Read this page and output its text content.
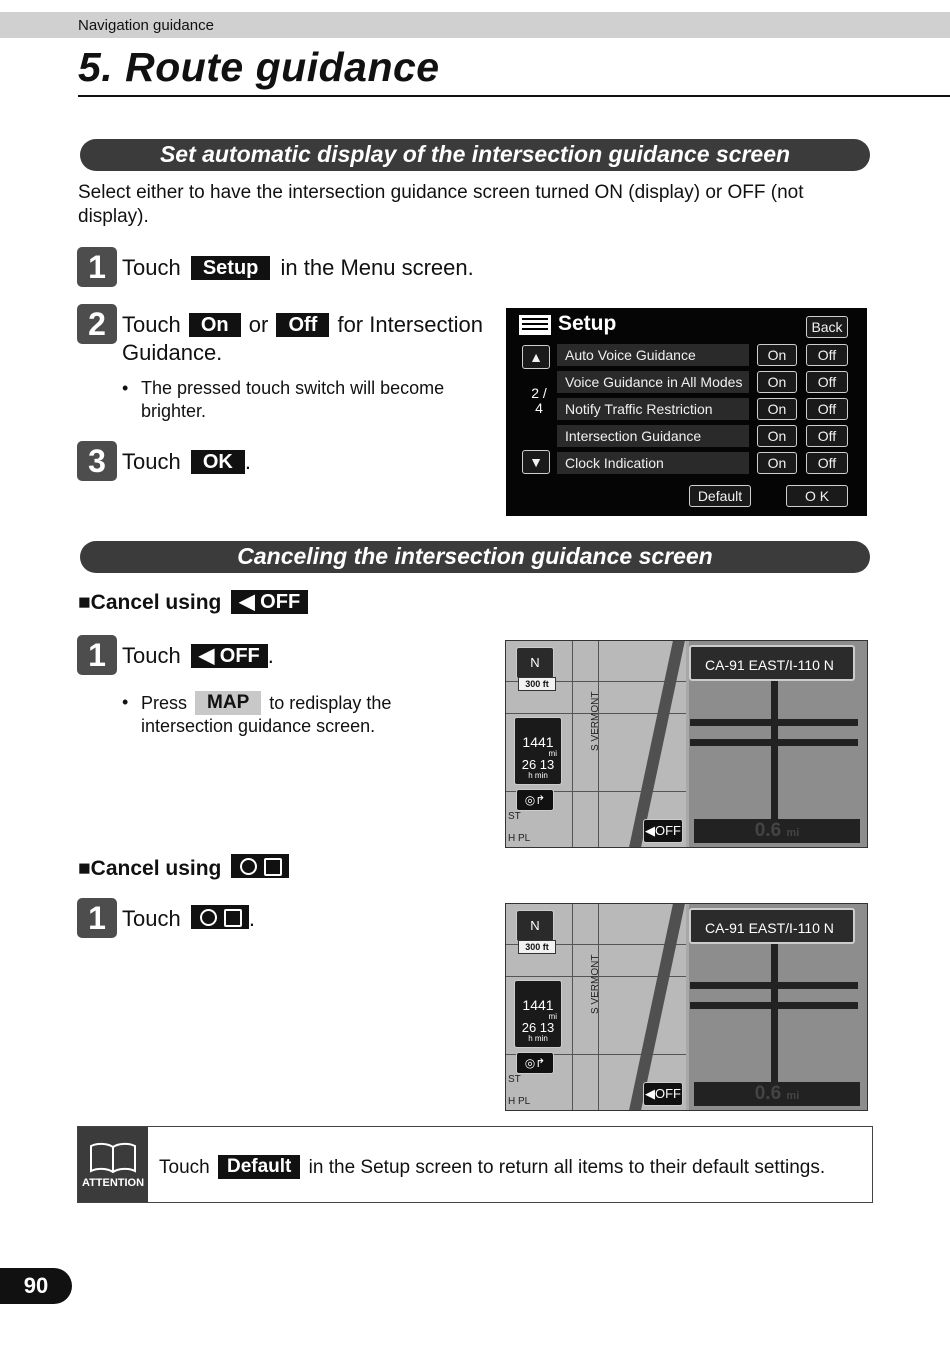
Navigation guidance
5. Route guidance
Set automatic display of the intersection guidance screen
Select either to have the intersection guidance screen turned ON (display) or OFF (not display).
1 Touch Setup in the Menu screen.
2 Touch On or Off for Intersection
Guidance.
• The pressed touch switch will become brighter.
3 Touch OK .
Setup	Back
▲
2 / 4
▼
Auto Voice Guidance	On	Off
Voice Guidance in All Modes	On	Off
Notify Traffic Restriction	On	Off
Intersection Guidance	On	Off
Clock Indication	On	Off
Default	O K
Canceling the intersection guidance screen
■Cancel using ◀ OFF
1 Touch ◀ OFF .
• Press MAP to redisplay the
intersection guidance screen.
CA-91 EAST/I-110 N
N
300 ft
1441
mi
26 13
h min
◎↱
S VERMONT
ST
H PL
◀OFF	0.6 mi
■Cancel using
1 Touch	.	CA-91 EAST/I-110 N
N
300 ft
1441
mi
26 13
h min
◎↱
S VERMONT
ST
H PL
◀OFF	0.6 mi
ATTENTION
Touch Default in the Setup screen to return all items to their default settings.
90
